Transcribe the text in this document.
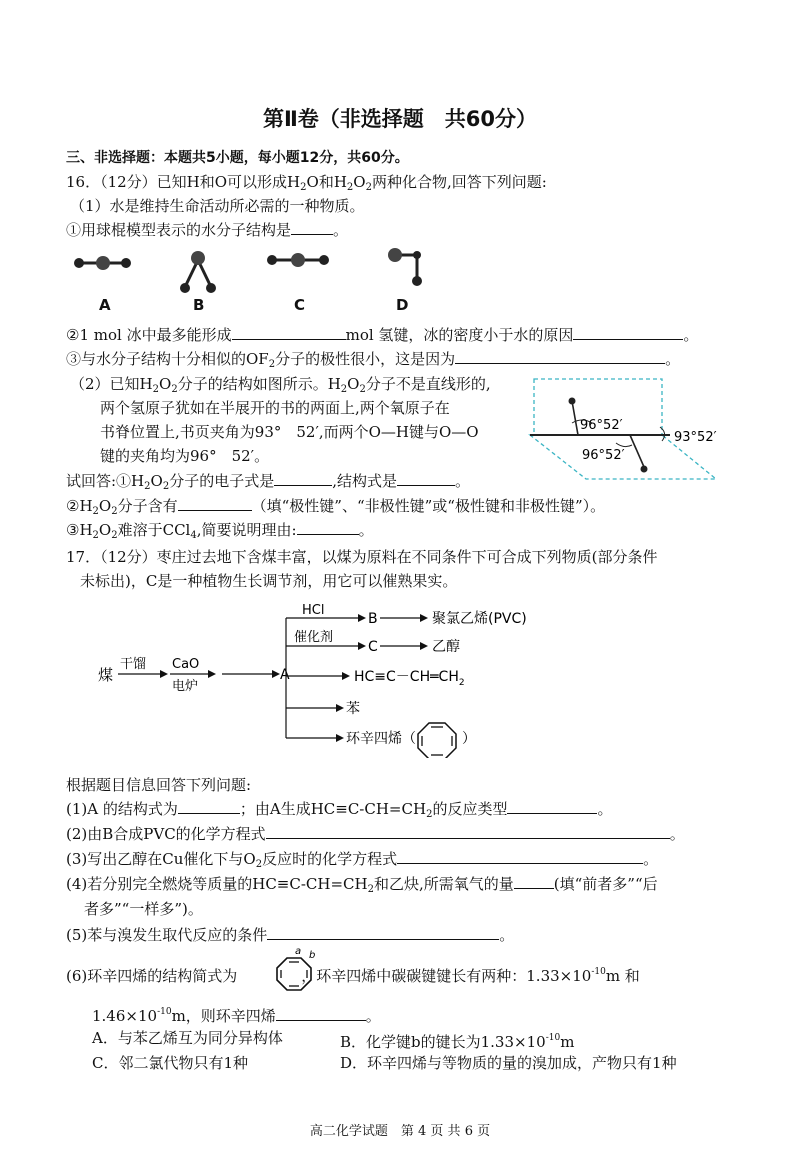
第Ⅱ卷（非选择题　共60分）
三、非选择题：本题共5小题，每小题12分，共60分。
16．（12分）已知H和O可以形成$H_2O$和$H_2O_2$两种化合物,回答下列问题:
（1）水是维持生命活动所必需的一种物质。
①用球棍模型表示的水分子结构是	。
A	B	C	D
②1 mol 冰中最多能形成	mol 氢键，冰的密度小于水的原因	。
③与水分子结构十分相似的$OF_2$分子的极性很小，这是因为	。
（2）已知$H_2O_2$分子的结构如图所示。$H_2O_2$分子不是直线形的,
两个氢原子犹如在半展开的书的两面上,两个氧原子在
书脊位置上,书页夹角为93°　52′,而两个O—H键与O—O
键的夹角均为96°　52′。
96°52′
93°52′
96°52′
试回答$:①H_2O_2$分子的电子式是	,结构式是	。
$②H_2O_2$分子含有	（填“极性键”、“非极性键”或“极性键和非极性键”）。
$③H_2O_2$难溶于CCl$_4$,简要说明理由:	。
17．（12分）枣庄过去地下含煤丰富，以煤为原料在不同条件下可合成下列物质(部分条件
未标出)，C是一种植物生长调节剂，用它可以催熟果实。
煤
干馏 CaO
电炉
A
HCl
B	聚氯乙烯(PVC)
催化剂
C	乙醇
$HC\equiv C-CH═CH_2$
苯
环辛四烯（	）
根据题目信息回答下列问题:
(1)A 的结构式为	；由A生成$HC\equiv C-CH=CH_2$的反应类型	。
(2)由B合成PVC的化学方程式	。
(3)写出乙醇在Cu催化下与$O_2$反应时的化学方程式	。
(4)若分别完全燃烧等质量的$HC\equiv C-CH=CH_2$和乙炔,所需氧气的量	(填“前者多”“后
者多”“一样多”)。
(5)苯与溴发生取代反应的条件	。
(6)环辛四烯的结构简式为	，环辛四烯中碳碳键键长有两种：$1.33\times 10^{-10}m$ 和
a b
$1.46\times 10^{-10}m$，则环辛四烯	。
A．与苯乙烯互为同分异构体	B．化学键b的键长为$1.33\times 10^{-10}m$
C．邻二氯代物只有1种	D．环辛四烯与等物质的量的溴加成，产物只有1种
高二化学试题　第 4 页 共 6 页
